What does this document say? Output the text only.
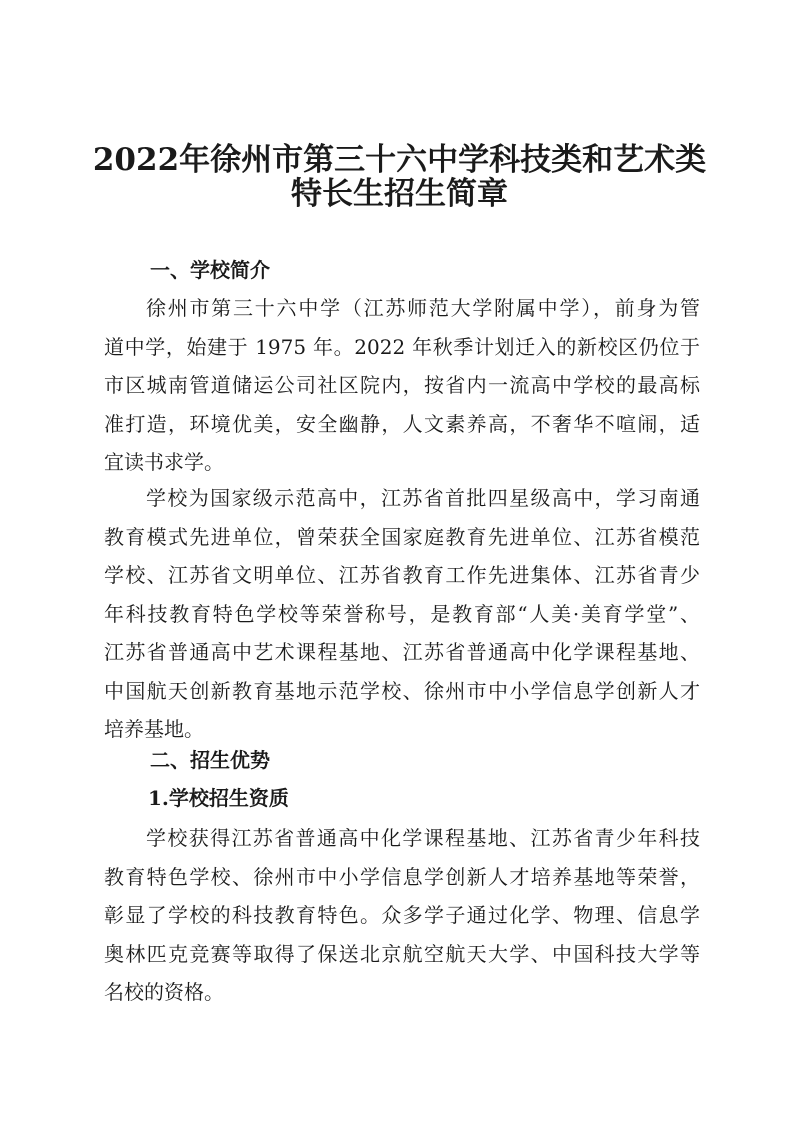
2022年徐州市第三十六中学科技类和艺术类
特长生招生简章
一、学校简介

徐州市第三十六中学（江苏师范大学附属中学），前身为管
道中学，始建于 1975 年。2022 年秋季计划迁入的新校区仍位于
市区城南管道储运公司社区院内，按省内一流高中学校的最高标
准打造，环境优美，安全幽静，人文素养高，不奢华不喧闹，适
宜读书求学。

学校为国家级示范高中，江苏省首批四星级高中，学习南通
教育模式先进单位，曾荣获全国家庭教育先进单位、江苏省模范
学校、江苏省文明单位、江苏省教育工作先进集体、江苏省青少
年科技教育特色学校等荣誉称号，是教育部“人美·美育学堂”、
江苏省普通高中艺术课程基地、江苏省普通高中化学课程基地、
中国航天创新教育基地示范学校、徐州市中小学信息学创新人才
培养基地。

二、招生优势
1.学校招生资质

学校获得江苏省普通高中化学课程基地、江苏省青少年科技
教育特色学校、徐州市中小学信息学创新人才培养基地等荣誉，
彰显了学校的科技教育特色。众多学子通过化学、物理、信息学
奥林匹克竞赛等取得了保送北京航空航天大学、中国科技大学等
名校的资格。
